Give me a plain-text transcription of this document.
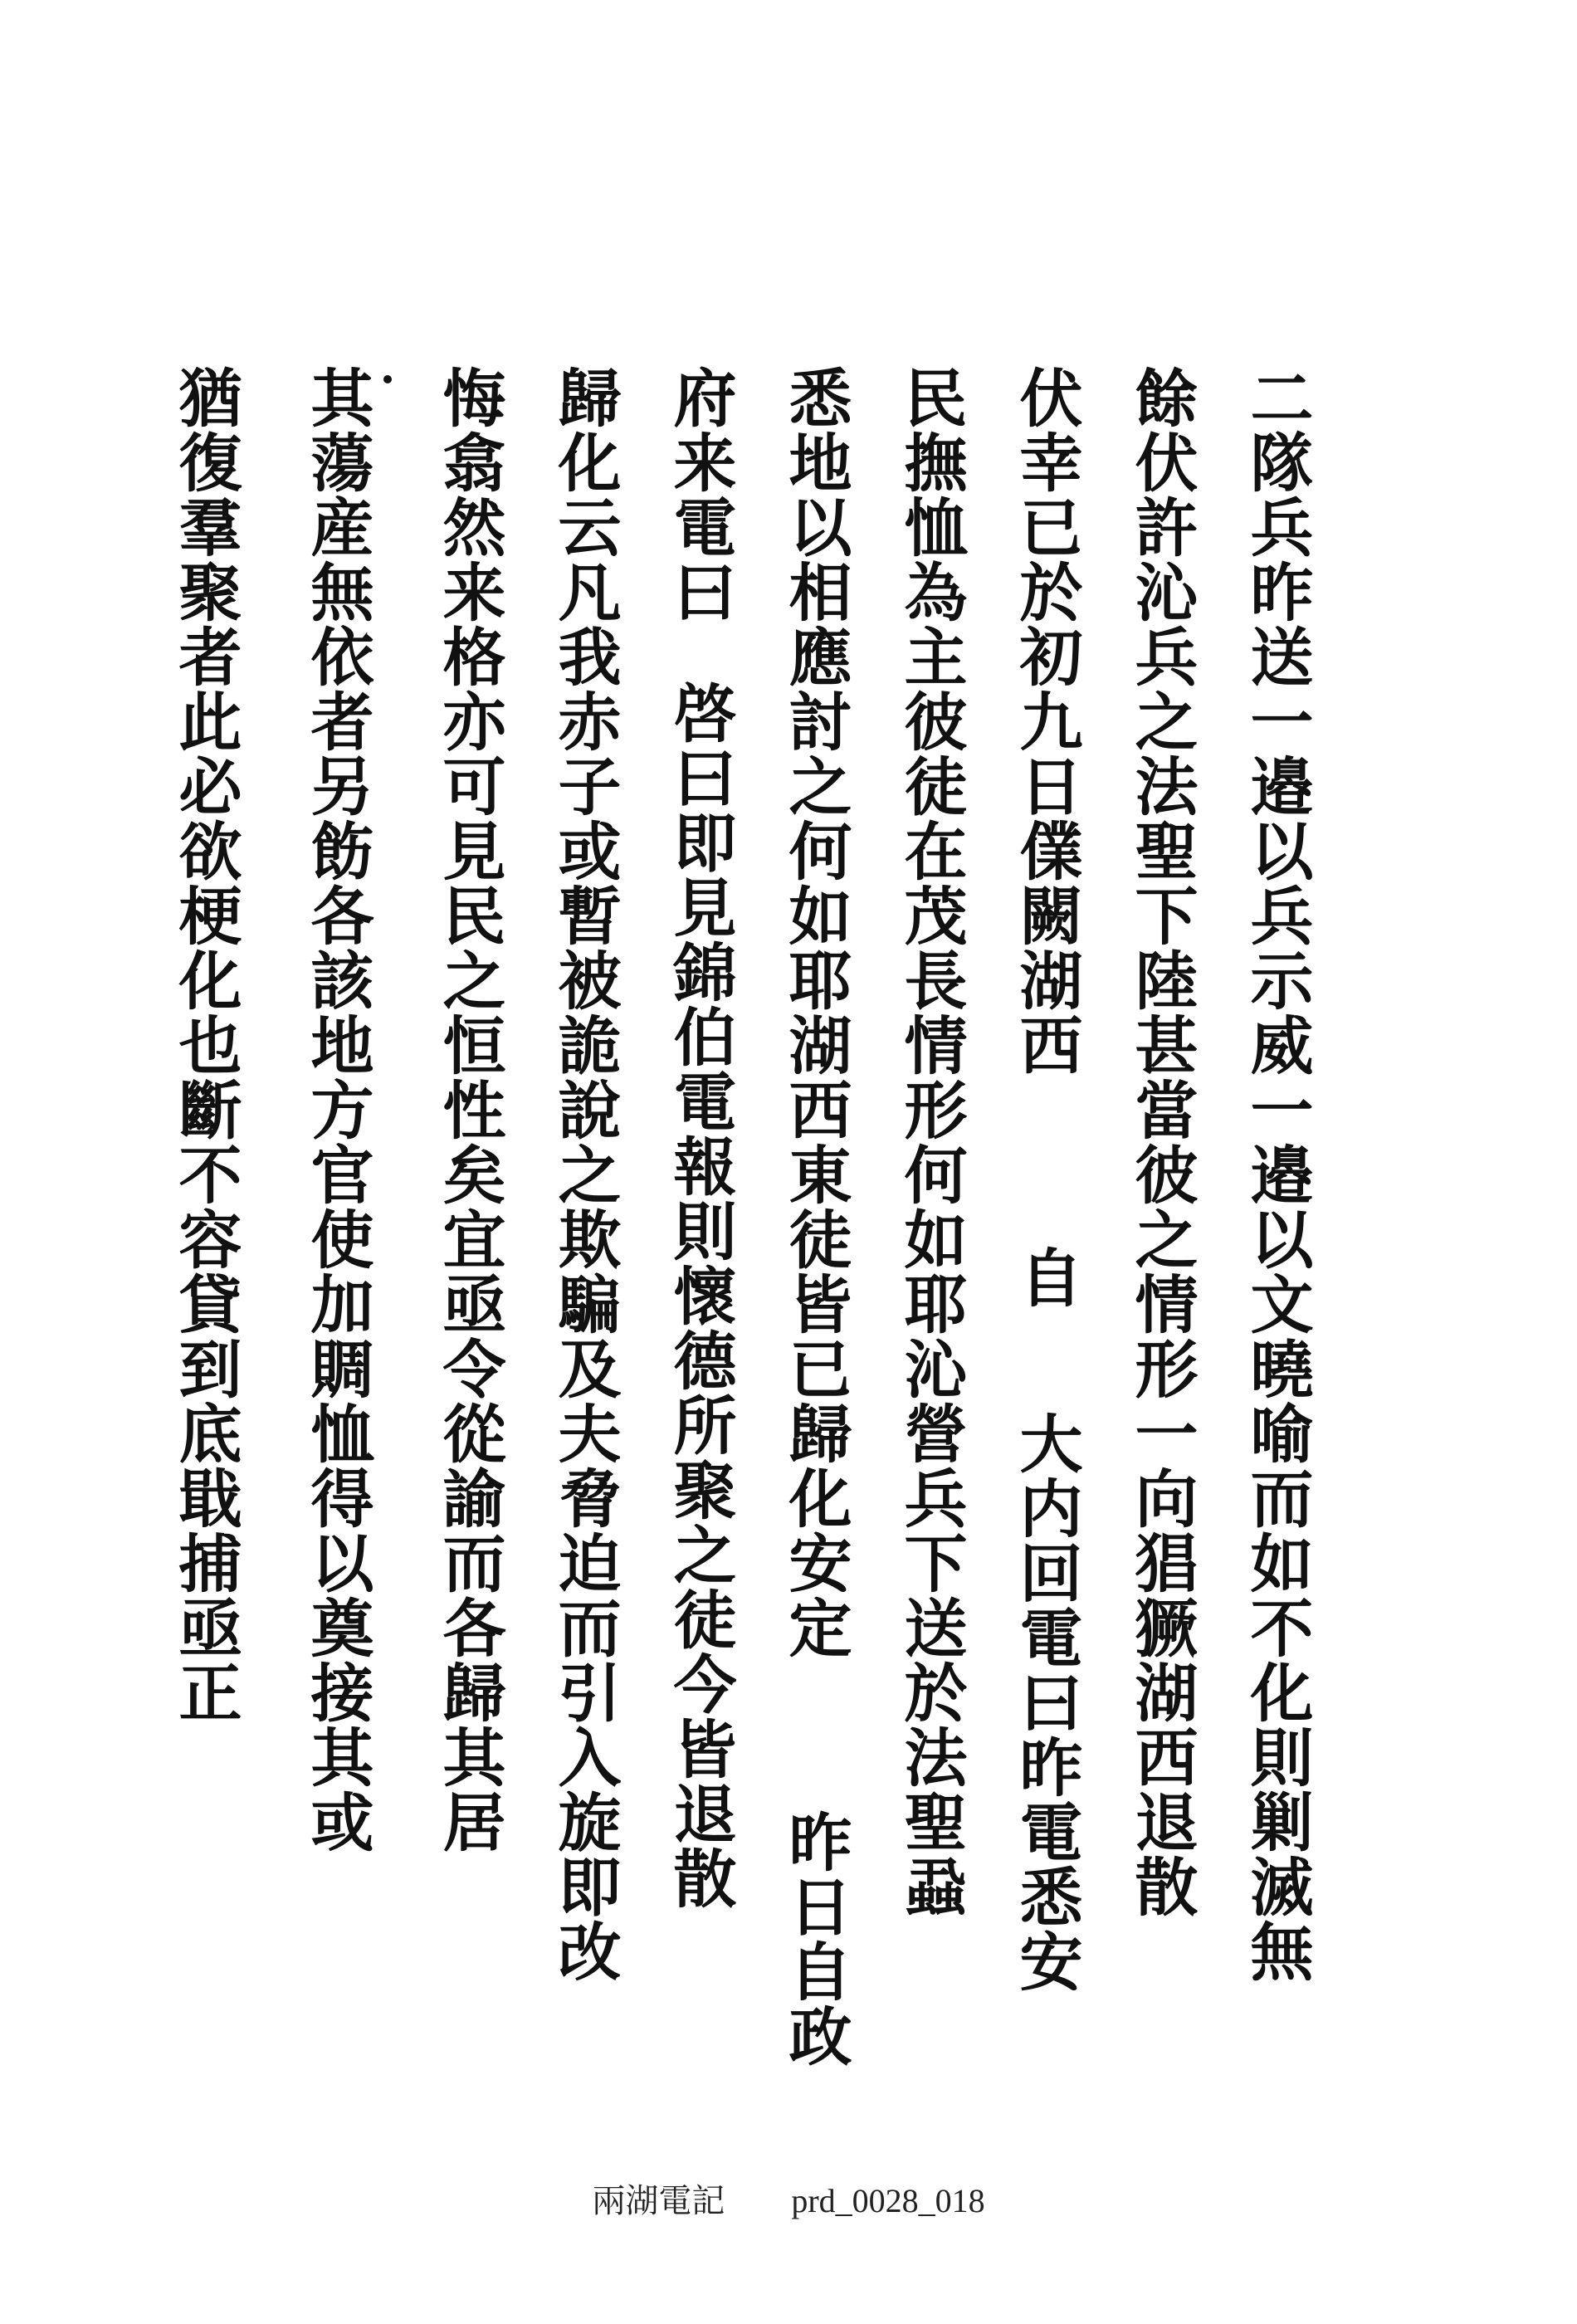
二隊兵昨送一邉以兵示威一邉以文曉喻而如不化則剿滅無
餘伏許沁兵之法聖下陸甚當彼之情形一向猖獗湖西退散
伏幸已於初九日㒒闕湖西
自
大内回電曰昨電悉安
民撫恤為主彼徒在茂長情形何如耶沁營兵下送於法聖蝨
悉地以相應討之何如耶湖西東徒皆已歸化安定
昨日自政
府来電曰
啓曰即見錦伯電報則懷德所聚之徒今皆退散
歸化云凡我赤子或暫被詭說之欺騙及夫脅迫而引入旋即改
悔翕然来格亦可見民之恒性矣宜亟令從諭而各歸其居
其蕩産無依者另飭各該地方官使加賙恤得以奠接其或
猶復羣聚者此必欲梗化也斷不容貸到底戢捕亟正
兩湖電記 prd_0028_018
